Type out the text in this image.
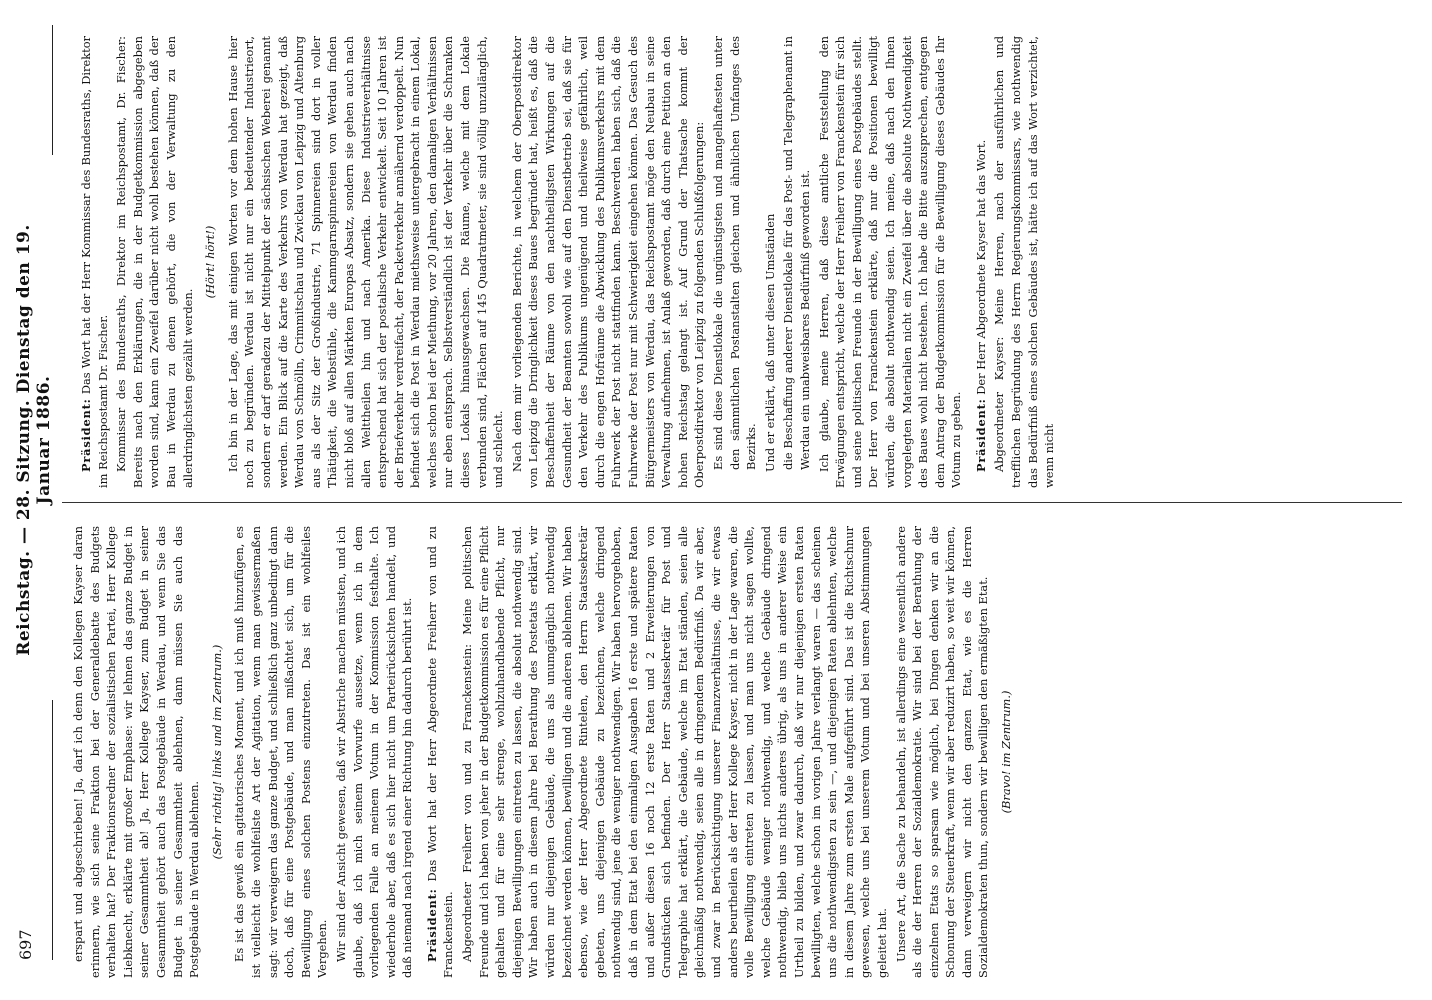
Reichstag. — 28. Sitzung. Dienstag den 19. Januar 1886.
697	erspart und abgeschrieben! Ja, darf ich denn den Kollegen Kayser daran erinnern, wie sich seine Fraktion bei der Generaldebatte des Budgets verhalten hat? Der Fraktionsredner der sozialistischen Partei, Herr Kollege Liebknecht, erklärte mit großer Emphase: wir lehnen das ganze Budget in seiner Gesammtheit ab! Ja, Herr Kollege Kayser, zum Budget in seiner Gesammtheit gehört auch das Postgebäude in Werdau, und wenn Sie das Budget in seiner Gesammtheit ablehnen, dann müssen Sie auch das Postgebäude in Werdau ablehnen.

(Sehr richtig! links und im Zentrum.) Es ist das gewiß ein agitatorisches Moment, und ich muß hinzufügen, es ist vielleicht die wohlfeilste Art der Agitation, wenn man gewissermaßen sagt: wir verweigern das ganze Budget, und schließlich ganz unbedingt dann doch, daß für eine Postgebäude, und man mißachtet sich, um für die Bewilligung eines solchen Postens einzutreten. Das ist ein wohlfeiles Vergehen. Wir sind der Ansicht gewesen, daß wir Abstriche machen müssten, und ich glaube, daß ich mich seinem Vorwurfe aussetze, wenn ich in dem vorliegenden Falle an meinem Votum in der Kommission festhalte. Ich wiederhole aber, daß es sich hier nicht um Parteirücksichten handelt, und daß niemand nach irgend einer Richtung hin dadurch berührt ist. Präsident: Das Wort hat der Herr Abgeordnete Freiherr von und zu Franckenstein. Abgeordneter Freiherr von und zu Franckenstein: Meine politischen Freunde und ich haben von jeher in der Budgetkommission es für eine Pflicht gehalten und für eine sehr strenge, wohlzuhandhabende Pflicht, nur diejenigen Bewilligungen eintreten zu lassen, die absolut nothwendig sind. Wir haben auch in diesem Jahre bei Berathung des Postetats erklärt, wir würden nur diejenigen Gebäude, die uns als unumgänglich nothwendig bezeichnet werden können, bewilligen und die anderen ablehnen. Wir haben ebenso, wie der Herr Abgeordnete Rintelen, den Herrn Staatssekretär gebeten, uns diejenigen Gebäude zu bezeichnen, welche dringend nothwendig sind, jene die weniger nothwendigen. Wir haben hervorgehoben, daß in dem Etat bei den einmaligen Ausgaben 16 erste und spätere Raten und außer diesen 16 noch 12 erste Raten und 2 Erweiterungen von Grundstücken sich befinden. Der Herr Staatssekretär für Post und Telegraphie hat erklärt, die Gebäude, welche im Etat ständen, seien alle gleichmäßig nothwendig, seien alle in dringendem Bedürfniß. Da wir aber, und zwar in Berücksichtigung unserer Finanzverhältnisse, die wir etwas anders beurtheilen als der Herr Kollege Kayser, nicht in der Lage waren, die volle Bewilligung eintreten zu lassen, und man uns nicht sagen wollte, welche Gebäude weniger nothwendig, und welche Gebäude dringend nothwendig, blieb uns nichts anderes übrig, als uns in anderer Weise ein Urtheil zu bilden, und zwar dadurch, daß wir nur diejenigen ersten Raten bewilligten, welche schon im vorigen Jahre verlangt waren — das scheinen uns die nothwendigsten zu sein —, und diejenigen Raten ablehnten, welche in diesem Jahre zum ersten Male aufgeführt sind. Das ist die Richtschnur gewesen, welche uns bei unserem Votum und bei unseren Abstimmungen geleitet hat. Unsere Art, die Sache zu behandeln, ist allerdings eine wesentlich andere als die der Herren der Sozialdemokratie. Wir sind bei der Berathung der einzelnen Etats so sparsam wie möglich, bei Dingen denken wir an die Schonung der Steuerkraft, wenn wir aber reduzirt haben, so weit wir können, dann verweigern wir nicht den ganzen Etat, wie es die Herren Sozialdemokraten thun, sondern wir bewilligen den ermäßigten Etat. (Bravo! im Zentrum.)

Präsident: Das Wort hat der Herr Kommissar des Bundesraths, Direktor im Reichspostamt Dr. Fischer. Kommissar des Bundesraths, Direktor im Reichspostamt, Dr. Fischer: Bereits nach den Erklärungen, die in der Budgetkommission abgegeben worden sind, kann ein Zweifel darüber nicht wohl bestehen können, daß der Bau in Werdau zu denen gehört, die von der Verwaltung zu den allerdringlichsten gezählt werden.

(Hört! hört!) Ich bin in der Lage, das mit einigen Worten vor dem hohen Hause hier noch zu begründen. Werdau ist nicht nur ein bedeutender Industrieort, sondern er darf geradezu der Mittelpunkt der sächsischen Weberei genannt werden. Ein Blick auf die Karte des Verkehrs von Werdau hat gezeigt, daß Werdau von Schmölln, Crimmitschau und Zwickau von Leipzig und Altenburg aus als der Sitz der Großindustrie, 71 Spinnereien sind dort in voller Thätigkeit, die Webstühle, die Kammgarnspinnereien von Werdau finden nicht bloß auf allen Märkten Europas Absatz, sondern sie gehen auch nach allen Welttheilen hin und nach Amerika. Diese Industrieverhältnisse entsprechend hat sich der postalische Verkehr entwickelt. Seit 10 Jahren ist der Briefverkehr verdreifacht, der Packetverkehr annähernd verdoppelt. Nun befindet sich die Post in Werdau miethsweise untergebracht in einem Lokal, welches schon bei der Miethung, vor 20 Jahren, den damaligen Verhältnissen nur eben entsprach. Selbstverständlich ist der Verkehr über die Schranken dieses Lokals hinausgewachsen. Die Räume, welche mit dem Lokale verbunden sind, Flächen auf 145 Quadratmeter, sie sind völlig unzulänglich, und schlecht. Nach dem mir vorliegenden Berichte, in welchem der Oberpostdirektor von Leipzig die Dringlichkeit dieses Baues begründet hat, heißt es, daß die Beschaffenheit der Räume von den nachtheiligsten Wirkungen auf die Gesundheit der Beamten sowohl wie auf den Dienstbetrieb sei, daß sie für den Verkehr des Publikums ungenügend und theilweise gefährlich, weil durch die engen Hofräume die Abwicklung des Publikumsverkehrs mit dem Fuhrwerk der Post nicht stattfinden kann. Beschwerden haben sich, daß die Fuhrwerke der Post nur mit Schwierigkeit eingehen können. Das Gesuch des Bürgermeisters von Werdau, das Reichspostamt möge den Neubau in seine Verwaltung aufnehmen, ist Anlaß geworden, daß durch eine Petition an den hohen Reichstag gelangt ist. Auf Grund der Thatsache kommt der Oberpostdirektor von Leipzig zu folgenden Schlußfolgerungen: Es sind diese Dienstlokale die ungünstigsten und mangelhaftesten unter den sämmtlichen Postanstalten gleichen und ähnlichen Umfanges des Bezirks. Und er erklärt, daß unter diesen Umständen die Beschaffung anderer Dienstlokale für das Post- und Telegraphenamt in Werdau ein unabweisbares Bedürfniß geworden ist. Ich glaube, meine Herren, daß diese amtliche Feststellung den Erwägungen entspricht, welche der Herr Freiherr von Franckenstein für sich und seine politischen Freunde in der Bewilligung eines Postgebäudes stellt. Der Herr von Franckenstein erklärte, daß nur die Positionen bewilligt würden, die absolut nothwendig seien. Ich meine, daß nach den Ihnen vorgelegten Materialien nicht ein Zweifel über die absolute Nothwendigkeit des Baues wohl nicht bestehen. Ich habe die Bitte auszusprechen, entgegen dem Antrag der Budgetkommission für die Bewilligung dieses Gebäudes Ihr Votum zu geben. Präsident: Der Herr Abgeordnete Kayser hat das Wort. Abgeordneter Kayser: Meine Herren, nach der ausführlichen und trefflichen Begründung des Herrn Regierungskommissars, wie nothwendig das Bedürfniß eines solchen Gebäudes ist, hätte ich auf das Wort verzichtet, wenn nicht
